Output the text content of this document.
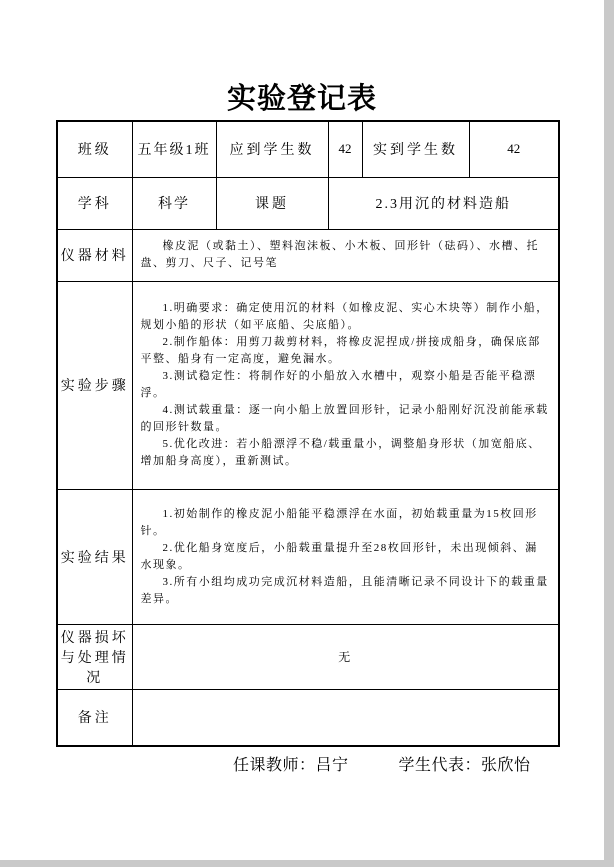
实验登记表
班级	五年级1班	应到学生数	42	实到学生数	42
学科	科学	课题	2.3用沉的材料造船		
仪器材料	橡皮泥（或黏土）、塑料泡沫板、小木板、回形针（砝码）、水槽、托盘、剪刀、尺子、记号笔				

实验步骤	1.明确要求：确定使用沉的材料（如橡皮泥、实心木块等）制作小船，规划小船的形状（如平底船、尖底船）。

2.制作船体：用剪刀裁剪材料，将橡皮泥捏成/拼接成船身，确保底部平整、船身有一定高度，避免漏水。

3.测试稳定性：将制作好的小船放入水槽中，观察小船是否能平稳漂浮。

4.测试载重量：逐一向小船上放置回形针，记录小船刚好沉没前能承载的回形针数量。

5.优化改进：若小船漂浮不稳/载重量小，调整船身形状（加宽船底、增加船身高度），重新测试。				

实验结果	1.初始制作的橡皮泥小船能平稳漂浮在水面，初始载重量为15枚回形针。

2.优化船身宽度后，小船载重量提升至28枚回形针，未出现倾斜、漏水现象。

3.所有小组均成功完成沉材料造船，且能清晰记录不同设计下的载重量差异。				

仪器损坏与处理情况	无				
备注					
任课教师：吕宁	学生代表：张欣怡
